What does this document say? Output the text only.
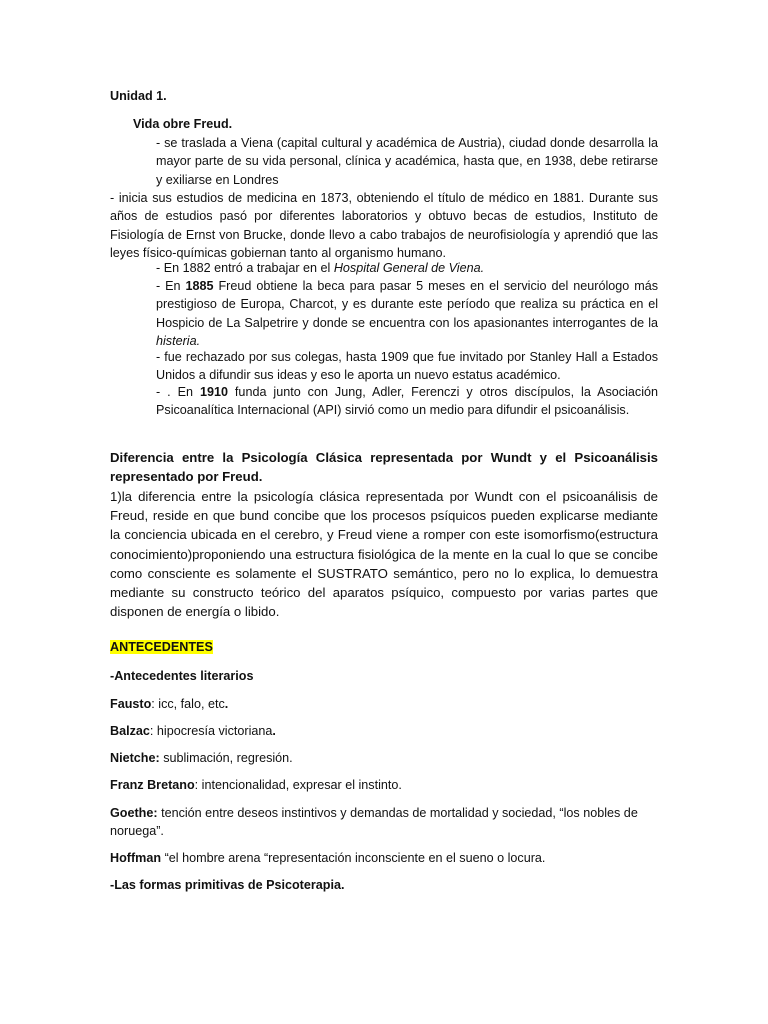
Unidad 1.
Vida obre Freud.
- se traslada a Viena (capital cultural y académica de Austria), ciudad donde desarrolla la mayor parte de su vida personal, clínica y académica, hasta que, en 1938, debe retirarse y exiliarse en Londres
- inicia sus estudios de medicina en 1873, obteniendo el título de médico en 1881. Durante sus años de estudios pasó por diferentes laboratorios y obtuvo becas de estudios, Instituto de Fisiología de Ernst von Brucke, donde llevo a cabo trabajos de neurofisiología y aprendió que las leyes físico-químicas gobiernan tanto al organismo humano.
- En 1882 entró a trabajar en el Hospital General de Viena.
- En 1885 Freud obtiene la beca para pasar 5 meses en el servicio del neurólogo más prestigioso de Europa, Charcot, y es durante este período que realiza su práctica en el Hospicio de La Salpetrire y donde se encuentra con los apasionantes interrogantes de la histeria.
- fue rechazado por sus colegas, hasta 1909 que fue invitado por Stanley Hall a Estados Unidos a difundir sus ideas y eso le aporta un nuevo estatus académico.
- . En 1910 funda junto con Jung, Adler, Ferenczi y otros discípulos, la Asociación Psicoanalítica Internacional (API) sirvió como un medio para difundir el psicoanálisis.
Diferencia entre la Psicología Clásica representada por Wundt y el Psicoanálisis representado por Freud.
1)la diferencia entre la psicología clásica representada por Wundt con el psicoanálisis de Freud, reside en que bund concibe que los procesos psíquicos pueden explicarse mediante la conciencia ubicada en el cerebro, y Freud viene a romper con este isomorfismo(estructura conocimiento)proponiendo una estructura fisiológica de la mente en la cual lo que se concibe como consciente es solamente el SUSTRATO semántico, pero no lo explica, lo demuestra mediante su constructo teórico del aparatos psíquico, compuesto por varias partes que disponen de energía o libido.
ANTECEDENTES
-Antecedentes literarios
Fausto: icc, falo, etc.
Balzac: hipocresía victoriana.
Nietche: sublimación, regresión.
Franz Bretano: intencionalidad, expresar el instinto.
Goethe: tención entre deseos instintivos y demandas de mortalidad y sociedad, “los nobles de noruega”.
Hoffman “el hombre arena “representación inconsciente en el sueno o locura.
-Las formas primitivas de Psicoterapia.
